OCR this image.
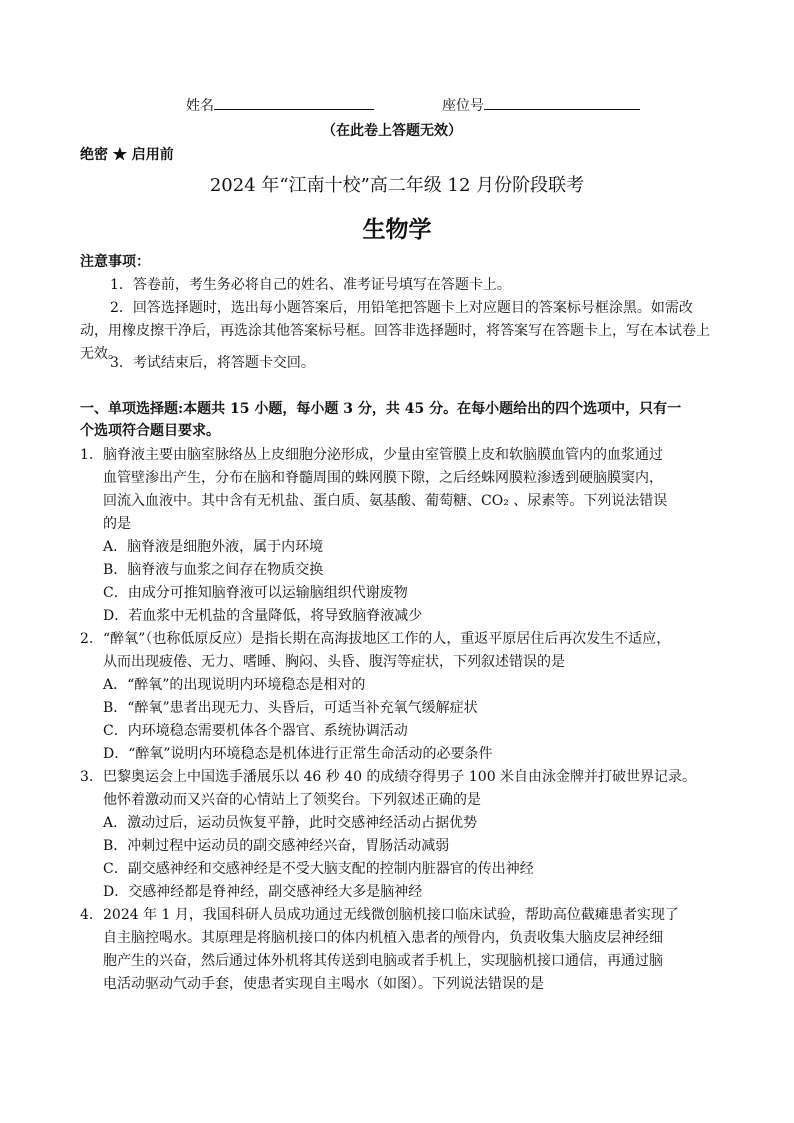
姓名	座位号
（在此卷上答题无效）
绝密 ★ 启用前
2024 年“江南十校”高二年级 12 月份阶段联考
生物学
注意事项：
1．答卷前，考生务必将自己的姓名、准考证号填写在答题卡上。
2．回答选择题时，选出每小题答案后，用铅笔把答题卡上对应题目的答案标号框涂黑。如需改动，用橡皮擦干净后，再选涂其他答案标号框。回答非选择题时，将答案写在答题卡上，写在本试卷上无效。
3．考试结束后，将答题卡交回。
一、单项选择题:本题共 15 小题，每小题 3 分，共 45 分。在每小题给出的四个选项中，只有一
个选项符合题目要求。
1. 脑脊液主要由脑室脉络丛上皮细胞分泌形成，少量由室管膜上皮和软脑膜血管内的血浆通过
血管壁渗出产生，分布在脑和脊髓周围的蛛网膜下隙，之后经蛛网膜粒渗透到硬脑膜窦内，
回流入血液中。其中含有无机盐、蛋白质、氨基酸、葡萄糖、CO₂ 、尿素等。下列说法错误
的是
A．脑脊液是细胞外液，属于内环境
B．脑脊液与血浆之间存在物质交换
C．由成分可推知脑脊液可以运输脑组织代谢废物
D．若血浆中无机盐的含量降低，将导致脑脊液减少
2. “醉氧”（也称低原反应）是指长期在高海拔地区工作的人，重返平原居住后再次发生不适应，
从而出现疲倦、无力、嗜睡、胸闷、头昏、腹泻等症状，下列叙述错误的是
A．“醉氧”的出现说明内环境稳态是相对的
B．“醉氧”患者出现无力、头昏后，可适当补充氧气缓解症状
C．内环境稳态需要机体各个器官、系统协调活动
D．“醉氧”说明内环境稳态是机体进行正常生命活动的必要条件
3. 巴黎奥运会上中国选手潘展乐以 46 秒 40 的成绩夺得男子 100 米自由泳金牌并打破世界记录。
他怀着激动而又兴奋的心情站上了领奖台。下列叙述正确的是
A．激动过后，运动员恢复平静，此时交感神经活动占据优势
B．冲刺过程中运动员的副交感神经兴奋，胃肠活动减弱
C．副交感神经和交感神经是不受大脑支配的控制内脏器官的传出神经
D．交感神经都是脊神经，副交感神经大多是脑神经
4. 2024 年 1 月，我国科研人员成功通过无线微创脑机接口临床试验，帮助高位截瘫患者实现了
自主脑控喝水。其原理是将脑机接口的体内机植入患者的颅骨内，负责收集大脑皮层神经细
胞产生的兴奋，然后通过体外机将其传送到电脑或者手机上，实现脑机接口通信，再通过脑
电活动驱动气动手套，使患者实现自主喝水（如图）。下列说法错误的是
